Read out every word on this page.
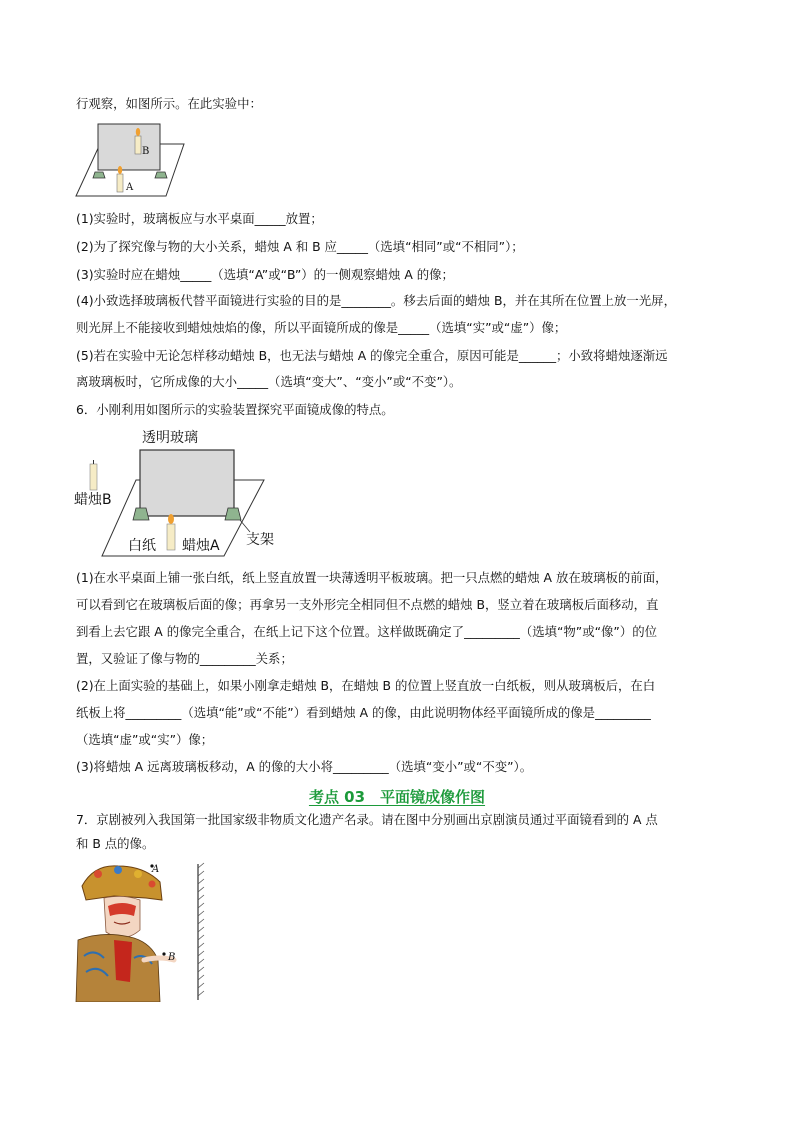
行观察，如图所示。在此实验中：
B
A
(1)实验时，玻璃板应与水平桌面_____放置；
(2)为了探究像与物的大小关系，蜡烛 A 和 B 应_____（选填“相同”或“不相同”）；
(3)实验时应在蜡烛_____（选填“A”或“B”）的一侧观察蜡烛 A 的像；
(4)小致选择玻璃板代替平面镜进行实验的目的是________。移去后面的蜡烛 B，并在其所在位置上放一光屏，
则光屏上不能接收到蜡烛烛焰的像，所以平面镜所成的像是_____（选填“实”或“虚”）像；
(5)若在实验中无论怎样移动蜡烛 B，也无法与蜡烛 A 的像完全重合，原因可能是______；小致将蜡烛逐渐远
离玻璃板时，它所成像的大小_____（选填“变大”、“变小”或“不变”）。
6．小刚利用如图所示的实验装置探究平面镜成像的特点。
透明玻璃
蜡烛B
白纸 蜡烛A 支架
(1)在水平桌面上铺一张白纸，纸上竖直放置一块薄透明平板玻璃。把一只点燃的蜡烛 A 放在玻璃板的前面，
可以看到它在玻璃板后面的像；再拿另一支外形完全相同但不点燃的蜡烛 B，竖立着在玻璃板后面移动，直
到看上去它跟 A 的像完全重合，在纸上记下这个位置。这样做既确定了_________（选填“物”或“像”）的位
置，又验证了像与物的_________关系；
(2)在上面实验的基础上，如果小刚拿走蜡烛 B，在蜡烛 B 的位置上竖直放一白纸板，则从玻璃板后，在白
纸板上将_________（选填“能”或“不能”）看到蜡烛 A 的像，由此说明物体经平面镜所成的像是_________
（选填“虚”或“实”）像；
(3)将蜡烛 A 远离玻璃板移动，A 的像的大小将_________（选填“变小”或“不变”）。
考点 03　平面镜成像作图
7．京剧被列入我国第一批国家级非物质文化遗产名录。请在图中分别画出京剧演员通过平面镜看到的 A 点
和 B 点的像。
A
B
